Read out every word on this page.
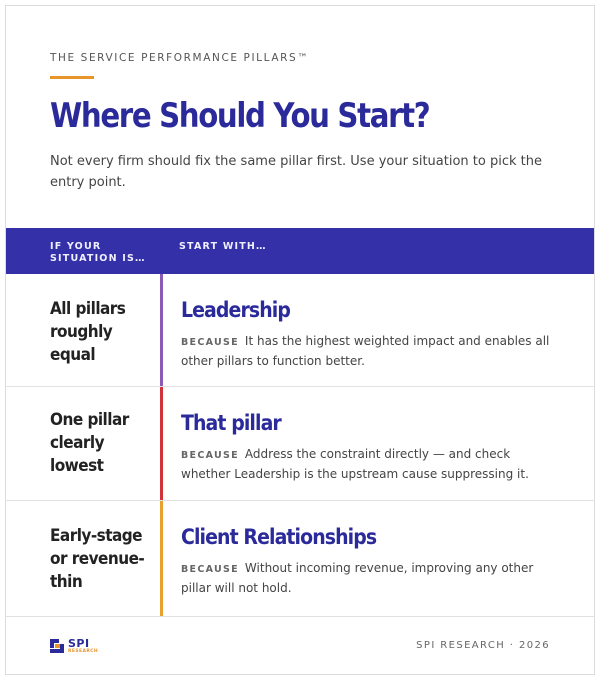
THE SERVICE PERFORMANCE PILLARS™
Where Should You Start?

Not every firm should fix the same pillar first. Use your situation to pick the entry point.

IF YOUR SITUATION IS…
START WITH…

All pillars roughly equal

Leadership

BECAUSE It has the highest weighted impact and enables all other pillars to function better.

One pillar clearly lowest

That pillar

BECAUSE Address the constraint directly — and check whether Leadership is the upstream cause suppressing it.

Early-stage or revenue-thin

Client Relationships

BECAUSE Without incoming revenue, improving any other pillar will not hold.

SPI
RESEARCH
SPI RESEARCH · 2026
